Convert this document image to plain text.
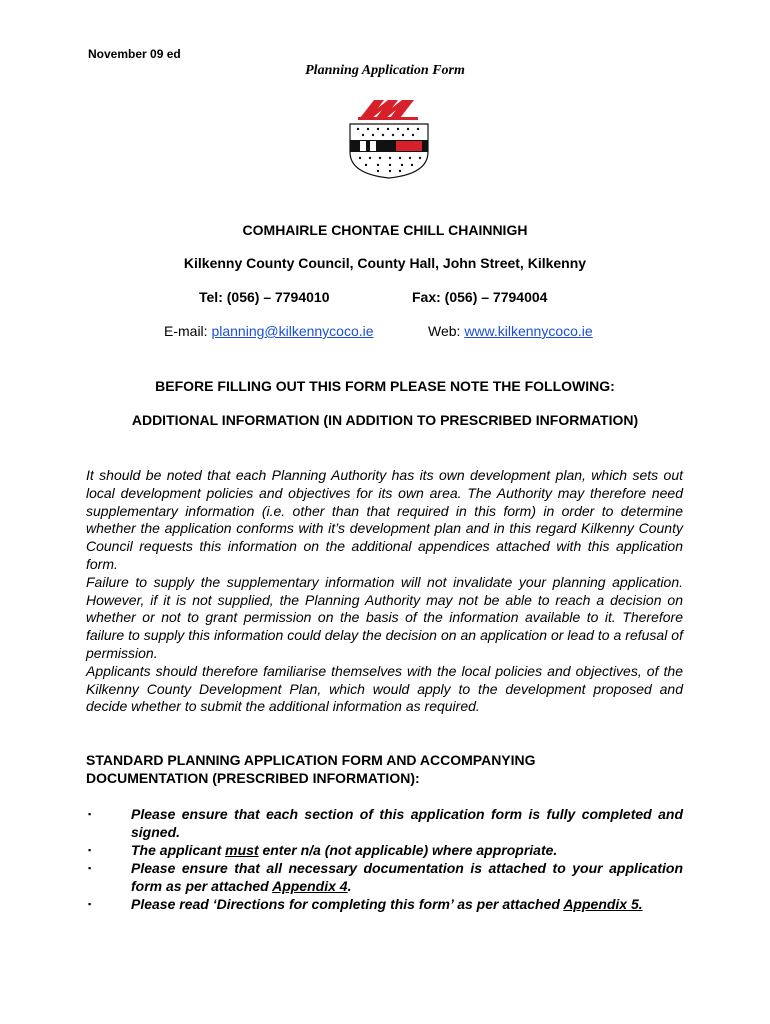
November 09 ed
Planning Application Form
COMHAIRLE CHONTAE CHILL CHAINNIGH
Kilkenny County Council, County Hall, John Street, Kilkenny
Tel: (056) – 7794010	Fax: (056) – 7794004
E-mail: planning@kilkennycoco.ie	Web: www.kilkennycoco.ie
BEFORE FILLING OUT THIS FORM PLEASE NOTE THE FOLLOWING:
ADDITIONAL INFORMATION (IN ADDITION TO PRESCRIBED INFORMATION)

It should be noted that each Planning Authority has its own development plan, which sets out local development policies and objectives for its own area. The Authority may therefore need supplementary information (i.e. other than that required in this form) in order to determine whether the application conforms with it’s development plan and in this regard Kilkenny County Council requests this information on the additional appendices attached with this application form.

Failure to supply the supplementary information will not invalidate your planning application. However, if it is not supplied, the Planning Authority may not be able to reach a decision on whether or not to grant permission on the basis of the information available to it. Therefore failure to supply this information could delay the decision on an application or lead to a refusal of permission.

Applicants should therefore familiarise themselves with the local policies and objectives, of the Kilkenny County Development Plan, which would apply to the development proposed and decide whether to submit the additional information as required.

STANDARD PLANNING APPLICATION FORM AND ACCOMPANYING
DOCUMENTATION (PRESCRIBED INFORMATION):
▪	Please ensure that each section of this application form is fully completed and signed.
▪	The applicant must enter n/a (not applicable) where appropriate.
▪	Please ensure that all necessary documentation is attached to your application form as per attached Appendix 4.
▪	Please read ‘Directions for completing this form’ as per attached Appendix 5.
